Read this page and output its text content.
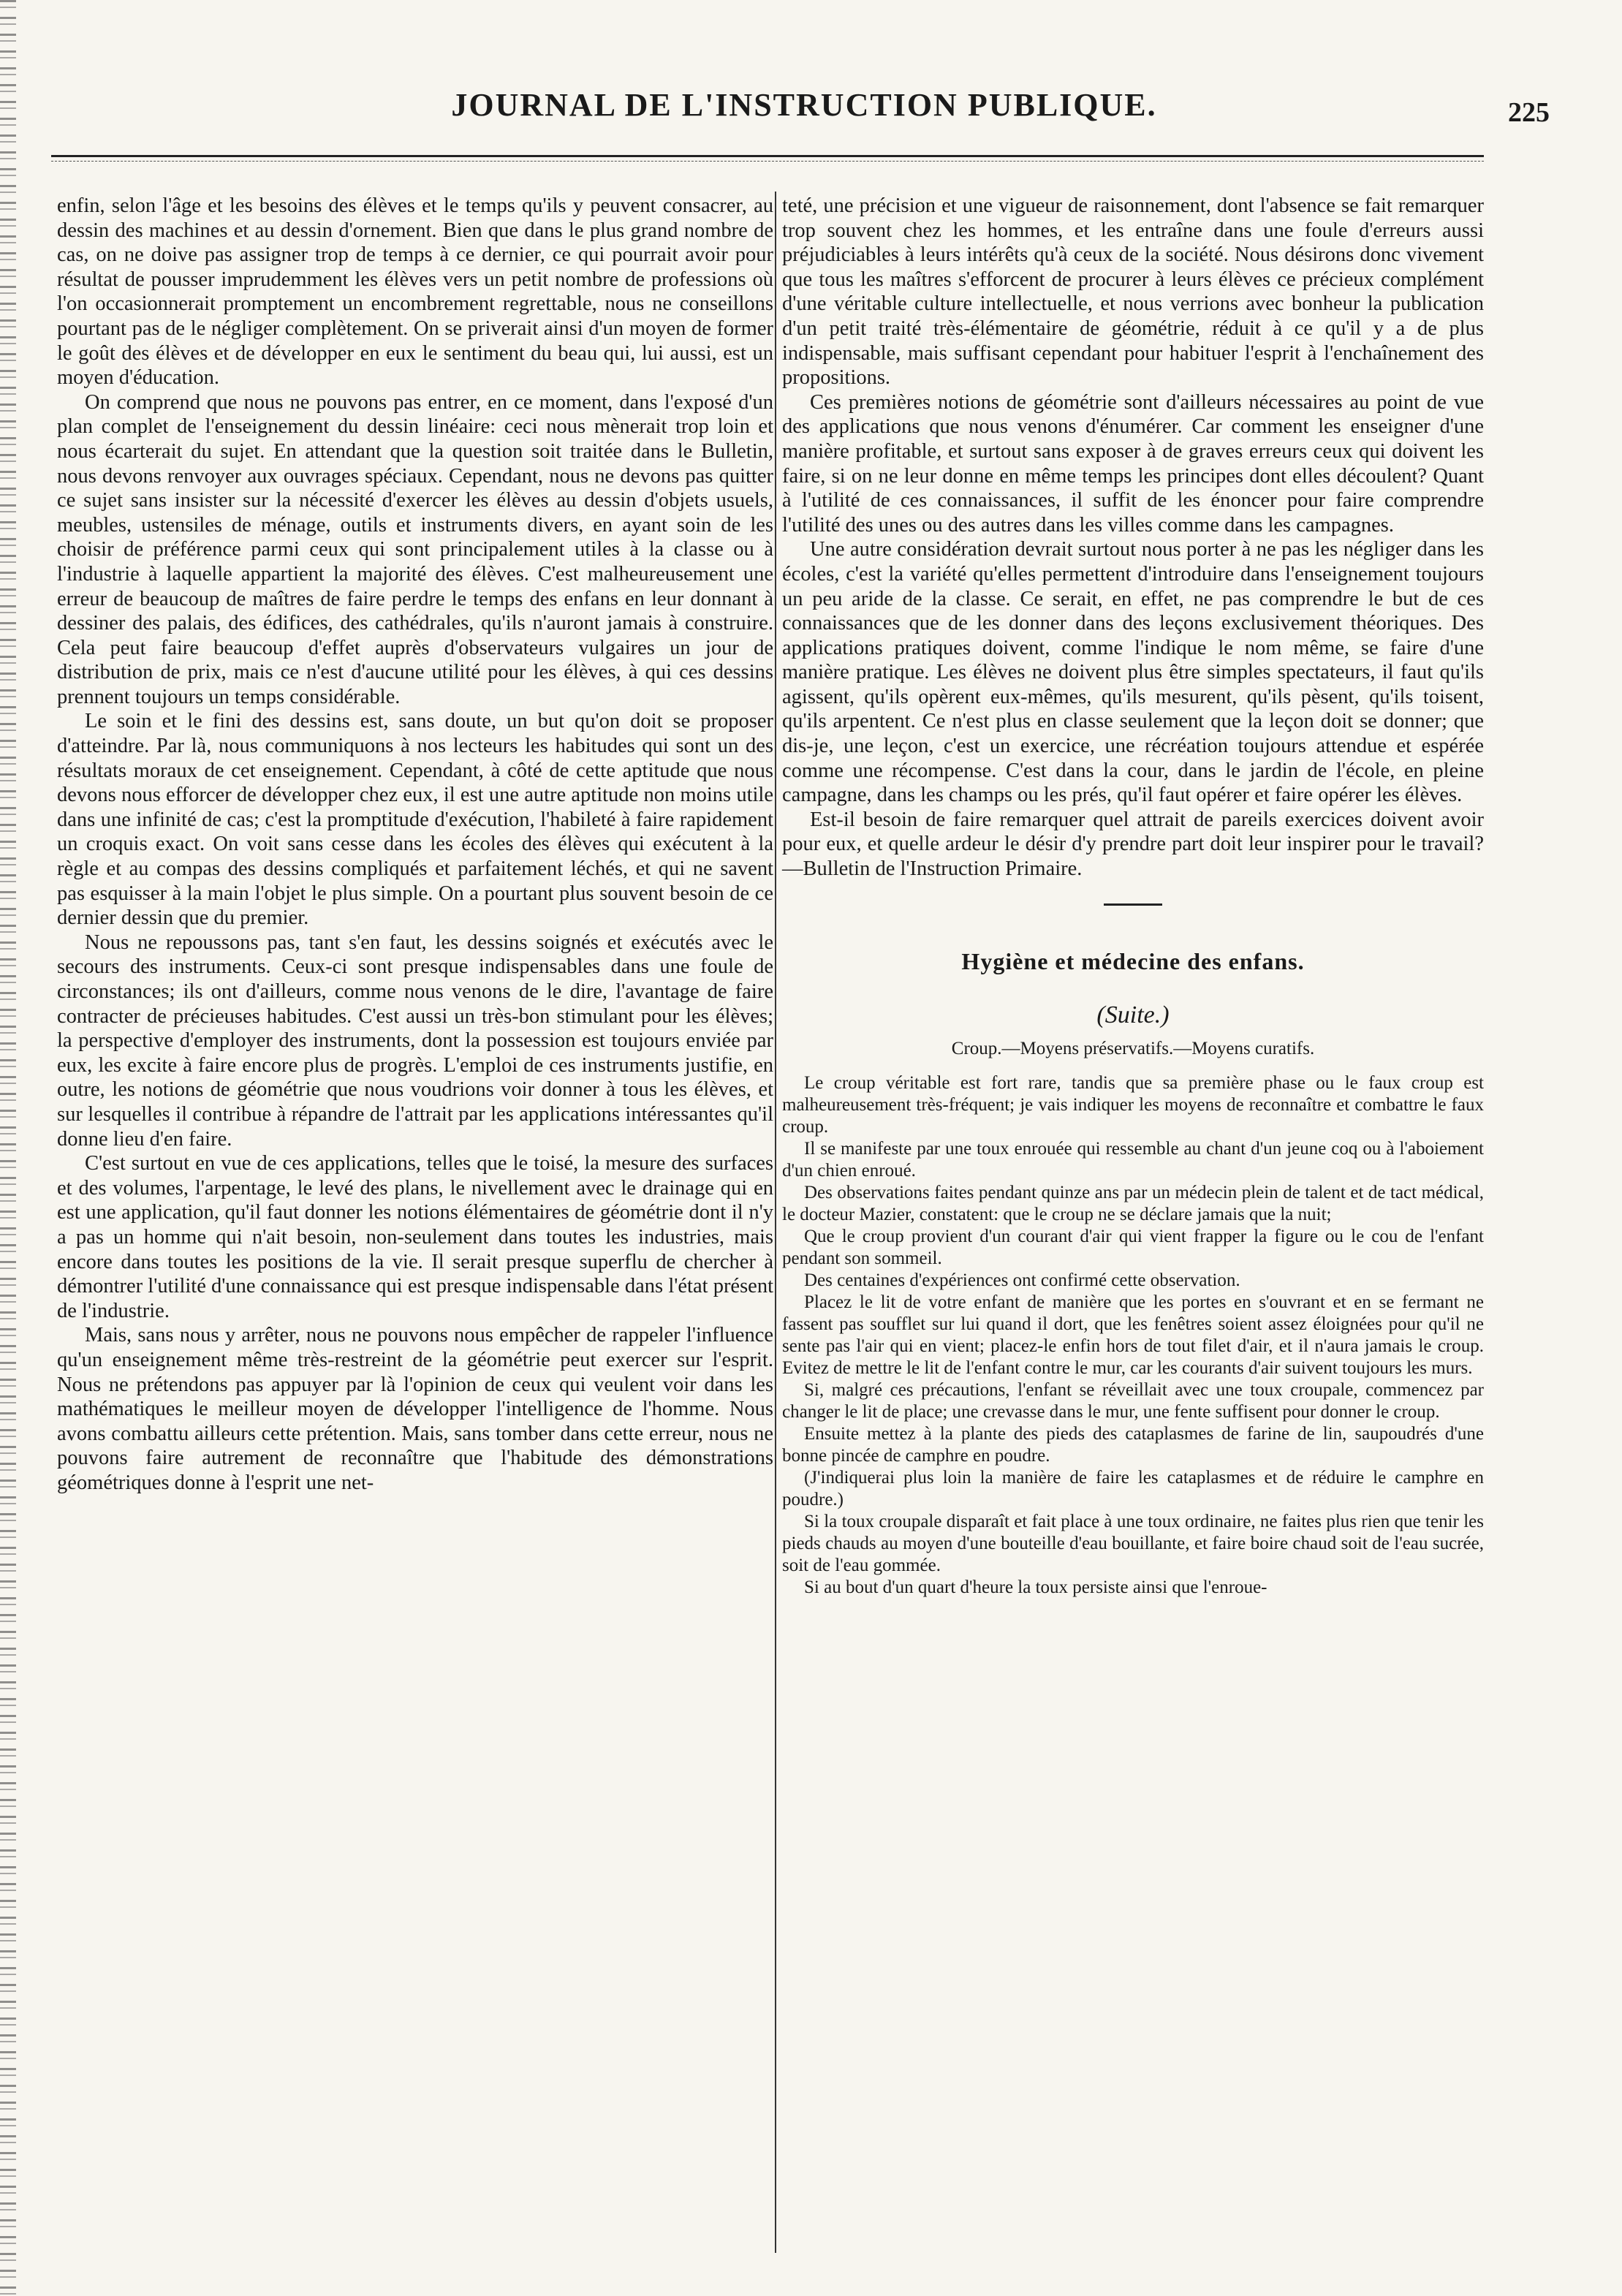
JOURNAL DE L'INSTRUCTION PUBLIQUE.	225

enfin, selon l'âge et les besoins des élèves et le temps qu'ils y peuvent consacrer, au dessin des machines et au dessin d'ornement. Bien que dans le plus grand nombre de cas, on ne doive pas assigner trop de temps à ce dernier, ce qui pourrait avoir pour résultat de pousser imprudemment les élèves vers un petit nombre de professions où l'on occasionnerait promptement un encombrement regrettable, nous ne conseillons pourtant pas de le négliger complètement. On se priverait ainsi d'un moyen de former le goût des élèves et de développer en eux le sentiment du beau qui, lui aussi, est un moyen d'éducation.

On comprend que nous ne pouvons pas entrer, en ce moment, dans l'exposé d'un plan complet de l'enseignement du dessin linéaire: ceci nous mènerait trop loin et nous écarterait du sujet. En attendant que la question soit traitée dans le Bulletin, nous devons renvoyer aux ouvrages spéciaux. Cependant, nous ne devons pas quitter ce sujet sans insister sur la nécessité d'exercer les élèves au dessin d'objets usuels, meubles, ustensiles de ménage, outils et instruments divers, en ayant soin de les choisir de préférence parmi ceux qui sont principalement utiles à la classe ou à l'industrie à laquelle appartient la majorité des élèves. C'est malheureusement une erreur de beaucoup de maîtres de faire perdre le temps des enfans en leur donnant à dessiner des palais, des édifices, des cathédrales, qu'ils n'auront jamais à construire. Cela peut faire beaucoup d'effet auprès d'observateurs vulgaires un jour de distribution de prix, mais ce n'est d'aucune utilité pour les élèves, à qui ces dessins prennent toujours un temps considérable.

Le soin et le fini des dessins est, sans doute, un but qu'on doit se proposer d'atteindre. Par là, nous communiquons à nos lecteurs les habitudes qui sont un des résultats moraux de cet enseignement. Cependant, à côté de cette aptitude que nous devons nous efforcer de développer chez eux, il est une autre aptitude non moins utile dans une infinité de cas; c'est la promptitude d'exécution, l'habileté à faire rapidement un croquis exact. On voit sans cesse dans les écoles des élèves qui exécutent à la règle et au compas des dessins compliqués et parfaitement léchés, et qui ne savent pas esquisser à la main l'objet le plus simple. On a pourtant plus souvent besoin de ce dernier dessin que du premier.

Nous ne repoussons pas, tant s'en faut, les dessins soignés et exécutés avec le secours des instruments. Ceux-ci sont presque indispensables dans une foule de circonstances; ils ont d'ailleurs, comme nous venons de le dire, l'avantage de faire contracter de précieuses habitudes. C'est aussi un très-bon stimulant pour les élèves; la perspective d'employer des instruments, dont la possession est toujours enviée par eux, les excite à faire encore plus de progrès. L'emploi de ces instruments justifie, en outre, les notions de géométrie que nous voudrions voir donner à tous les élèves, et sur lesquelles il contribue à répandre de l'attrait par les applications intéressantes qu'il donne lieu d'en faire.

C'est surtout en vue de ces applications, telles que le toisé, la mesure des surfaces et des volumes, l'arpentage, le levé des plans, le nivellement avec le drainage qui en est une application, qu'il faut donner les notions élémentaires de géométrie dont il n'y a pas un homme qui n'ait besoin, non-seulement dans toutes les industries, mais encore dans toutes les positions de la vie. Il serait presque superflu de chercher à démontrer l'utilité d'une connaissance qui est presque indispensable dans l'état présent de l'industrie.

Mais, sans nous y arrêter, nous ne pouvons nous empêcher de rappeler l'influence qu'un enseignement même très-restreint de la géométrie peut exercer sur l'esprit. Nous ne prétendons pas appuyer par là l'opinion de ceux qui veulent voir dans les mathématiques le meilleur moyen de développer l'intelligence de l'homme. Nous avons combattu ailleurs cette prétention. Mais, sans tomber dans cette erreur, nous ne pouvons faire autrement de reconnaître que l'habitude des démonstrations géométriques donne à l'esprit une net-

teté, une précision et une vigueur de raisonnement, dont l'absence se fait remarquer trop souvent chez les hommes, et les entraîne dans une foule d'erreurs aussi préjudiciables à leurs intérêts qu'à ceux de la société. Nous désirons donc vivement que tous les maîtres s'efforcent de procurer à leurs élèves ce précieux complément d'une véritable culture intellectuelle, et nous verrions avec bonheur la publication d'un petit traité très-élémentaire de géométrie, réduit à ce qu'il y a de plus indispensable, mais suffisant cependant pour habituer l'esprit à l'enchaînement des propositions.

Ces premières notions de géométrie sont d'ailleurs nécessaires au point de vue des applications que nous venons d'énumérer. Car comment les enseigner d'une manière profitable, et surtout sans exposer à de graves erreurs ceux qui doivent les faire, si on ne leur donne en même temps les principes dont elles découlent? Quant à l'utilité de ces connaissances, il suffit de les énoncer pour faire comprendre l'utilité des unes ou des autres dans les villes comme dans les campagnes.

Une autre considération devrait surtout nous porter à ne pas les négliger dans les écoles, c'est la variété qu'elles permettent d'introduire dans l'enseignement toujours un peu aride de la classe. Ce serait, en effet, ne pas comprendre le but de ces connaissances que de les donner dans des leçons exclusivement théoriques. Des applications pratiques doivent, comme l'indique le nom même, se faire d'une manière pratique. Les élèves ne doivent plus être simples spectateurs, il faut qu'ils agissent, qu'ils opèrent eux-mêmes, qu'ils mesurent, qu'ils pèsent, qu'ils toisent, qu'ils arpentent. Ce n'est plus en classe seulement que la leçon doit se donner; que dis-je, une leçon, c'est un exercice, une récréation toujours attendue et espérée comme une récompense. C'est dans la cour, dans le jardin de l'école, en pleine campagne, dans les champs ou les prés, qu'il faut opérer et faire opérer les élèves.

Est-il besoin de faire remarquer quel attrait de pareils exercices doivent avoir pour eux, et quelle ardeur le désir d'y prendre part doit leur inspirer pour le travail?—Bulletin de l'Instruction Primaire.

Hygiène et médecine des enfans.
(Suite.)
Croup.—Moyens préservatifs.—Moyens curatifs.

Le croup véritable est fort rare, tandis que sa première phase ou le faux croup est malheureusement très-fréquent; je vais indiquer les moyens de reconnaître et combattre le faux croup.

Il se manifeste par une toux enrouée qui ressemble au chant d'un jeune coq ou à l'aboiement d'un chien enroué.

Des observations faites pendant quinze ans par un médecin plein de talent et de tact médical, le docteur Mazier, constatent: que le croup ne se déclare jamais que la nuit;

Que le croup provient d'un courant d'air qui vient frapper la figure ou le cou de l'enfant pendant son sommeil.

Des centaines d'expériences ont confirmé cette observation.

Placez le lit de votre enfant de manière que les portes en s'ouvrant et en se fermant ne fassent pas soufflet sur lui quand il dort, que les fenêtres soient assez éloignées pour qu'il ne sente pas l'air qui en vient; placez-le enfin hors de tout filet d'air, et il n'aura jamais le croup. Evitez de mettre le lit de l'enfant contre le mur, car les courants d'air suivent toujours les murs.

Si, malgré ces précautions, l'enfant se réveillait avec une toux croupale, commencez par changer le lit de place; une crevasse dans le mur, une fente suffisent pour donner le croup.

Ensuite mettez à la plante des pieds des cataplasmes de farine de lin, saupoudrés d'une bonne pincée de camphre en poudre.

(J'indiquerai plus loin la manière de faire les cataplasmes et de réduire le camphre en poudre.)

Si la toux croupale disparaît et fait place à une toux ordinaire, ne faites plus rien que tenir les pieds chauds au moyen d'une bouteille d'eau bouillante, et faire boire chaud soit de l'eau sucrée, soit de l'eau gommée.

Si au bout d'un quart d'heure la toux persiste ainsi que l'enroue-
